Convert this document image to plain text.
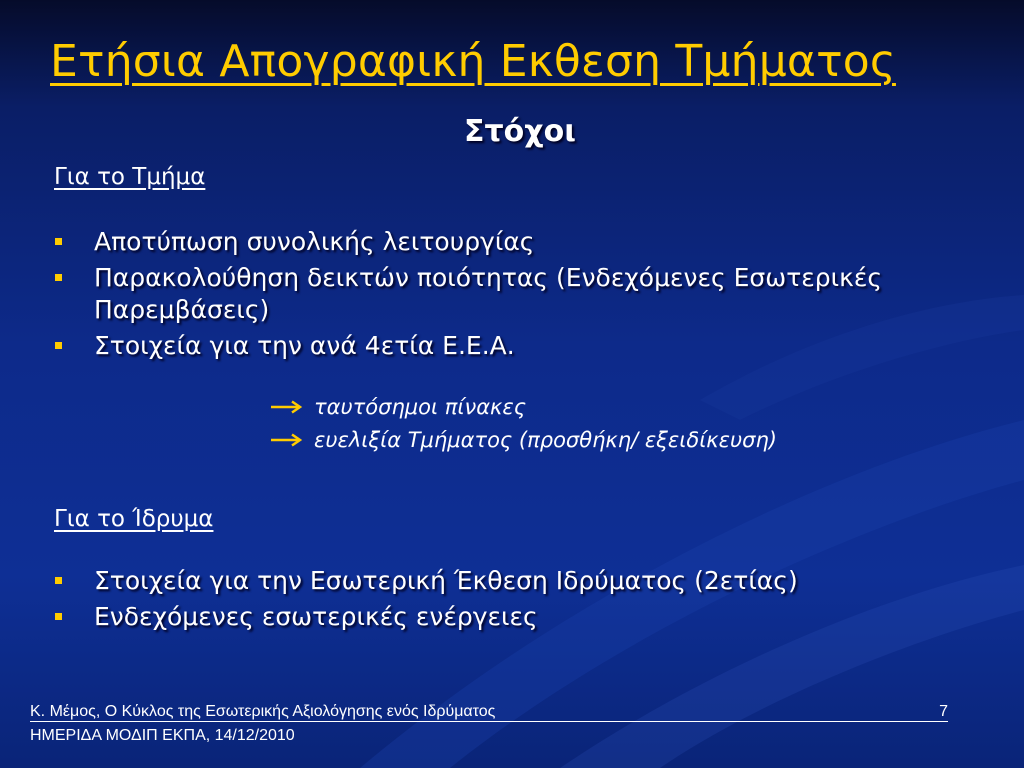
Ετήσια Απογραφική Εκθεση Τμήματος
Στόχοι
Για το Τμήμα
Αποτύπωση συνολικής λειτουργίας
Παρακολούθηση δεικτών ποιότητας (Ενδεχόμενες Εσωτερικές Παρεμβάσεις)
Στοιχεία για την ανά 4ετία Ε.Ε.Α.
ταυτόσημοι πίνακες
ευελιξία Τμήματος (προσθήκη/ εξειδίκευση)
Για το Ίδρυμα
Στοιχεία για την Εσωτερική Έκθεση Ιδρύματος (2ετίας)
Ενδεχόμενες εσωτερικές ενέργειες
Κ. Μέμος, Ο Κύκλος της Εσωτερικής Αξιολόγησης ενός Ιδρύματος	7
ΗΜΕΡΙΔΑ ΜΟΔΙΠ ΕΚΠΑ, 14/12/2010
